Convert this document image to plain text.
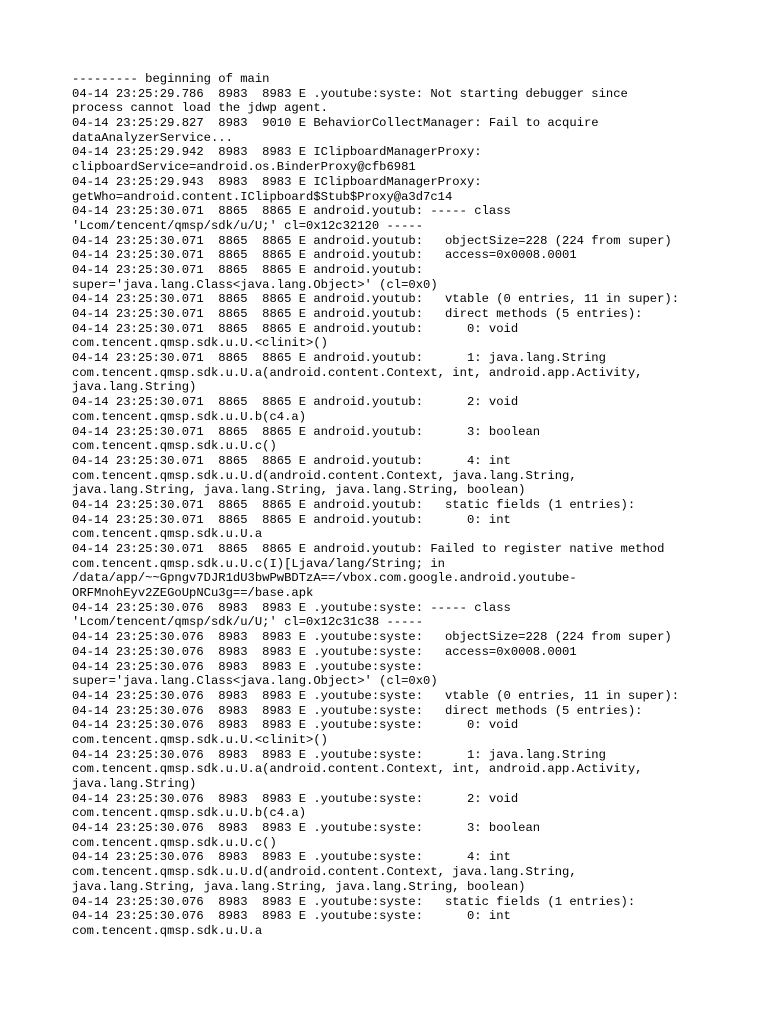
--------- beginning of main
04-14 23:25:29.786  8983  8983 E .youtube:syste: Not starting debugger since
process cannot load the jdwp agent.
04-14 23:25:29.827  8983  9010 E BehaviorCollectManager: Fail to acquire
dataAnalyzerService...
04-14 23:25:29.942  8983  8983 E IClipboardManagerProxy:
clipboardService=android.os.BinderProxy@cfb6981
04-14 23:25:29.943  8983  8983 E IClipboardManagerProxy:
getWho=android.content.IClipboard$Stub$Proxy@a3d7c14
04-14 23:25:30.071  8865  8865 E android.youtub: ----- class
'Lcom/tencent/qmsp/sdk/u/U;' cl=0x12c32120 -----
04-14 23:25:30.071  8865  8865 E android.youtub:   objectSize=228 (224 from super)
04-14 23:25:30.071  8865  8865 E android.youtub:   access=0x0008.0001
04-14 23:25:30.071  8865  8865 E android.youtub:
super='java.lang.Class<java.lang.Object>' (cl=0x0)
04-14 23:25:30.071  8865  8865 E android.youtub:   vtable (0 entries, 11 in super):
04-14 23:25:30.071  8865  8865 E android.youtub:   direct methods (5 entries):
04-14 23:25:30.071  8865  8865 E android.youtub:      0: void
com.tencent.qmsp.sdk.u.U.<clinit>()
04-14 23:25:30.071  8865  8865 E android.youtub:      1: java.lang.String
com.tencent.qmsp.sdk.u.U.a(android.content.Context, int, android.app.Activity,
java.lang.String)
04-14 23:25:30.071  8865  8865 E android.youtub:      2: void
com.tencent.qmsp.sdk.u.U.b(c4.a)
04-14 23:25:30.071  8865  8865 E android.youtub:      3: boolean
com.tencent.qmsp.sdk.u.U.c()
04-14 23:25:30.071  8865  8865 E android.youtub:      4: int
com.tencent.qmsp.sdk.u.U.d(android.content.Context, java.lang.String,
java.lang.String, java.lang.String, java.lang.String, boolean)
04-14 23:25:30.071  8865  8865 E android.youtub:   static fields (1 entries):
04-14 23:25:30.071  8865  8865 E android.youtub:      0: int
com.tencent.qmsp.sdk.u.U.a
04-14 23:25:30.071  8865  8865 E android.youtub: Failed to register native method
com.tencent.qmsp.sdk.u.U.c(I)[Ljava/lang/String; in
/data/app/~~Gpngv7DJR1dU3bwPwBDTzA==/vbox.com.google.android.youtube-
ORFMnohEyv2ZEGoUpNCu3g==/base.apk
04-14 23:25:30.076  8983  8983 E .youtube:syste: ----- class
'Lcom/tencent/qmsp/sdk/u/U;' cl=0x12c31c38 -----
04-14 23:25:30.076  8983  8983 E .youtube:syste:   objectSize=228 (224 from super)
04-14 23:25:30.076  8983  8983 E .youtube:syste:   access=0x0008.0001
04-14 23:25:30.076  8983  8983 E .youtube:syste:
super='java.lang.Class<java.lang.Object>' (cl=0x0)
04-14 23:25:30.076  8983  8983 E .youtube:syste:   vtable (0 entries, 11 in super):
04-14 23:25:30.076  8983  8983 E .youtube:syste:   direct methods (5 entries):
04-14 23:25:30.076  8983  8983 E .youtube:syste:      0: void
com.tencent.qmsp.sdk.u.U.<clinit>()
04-14 23:25:30.076  8983  8983 E .youtube:syste:      1: java.lang.String
com.tencent.qmsp.sdk.u.U.a(android.content.Context, int, android.app.Activity,
java.lang.String)
04-14 23:25:30.076  8983  8983 E .youtube:syste:      2: void
com.tencent.qmsp.sdk.u.U.b(c4.a)
04-14 23:25:30.076  8983  8983 E .youtube:syste:      3: boolean
com.tencent.qmsp.sdk.u.U.c()
04-14 23:25:30.076  8983  8983 E .youtube:syste:      4: int
com.tencent.qmsp.sdk.u.U.d(android.content.Context, java.lang.String,
java.lang.String, java.lang.String, java.lang.String, boolean)
04-14 23:25:30.076  8983  8983 E .youtube:syste:   static fields (1 entries):
04-14 23:25:30.076  8983  8983 E .youtube:syste:      0: int
com.tencent.qmsp.sdk.u.U.a
